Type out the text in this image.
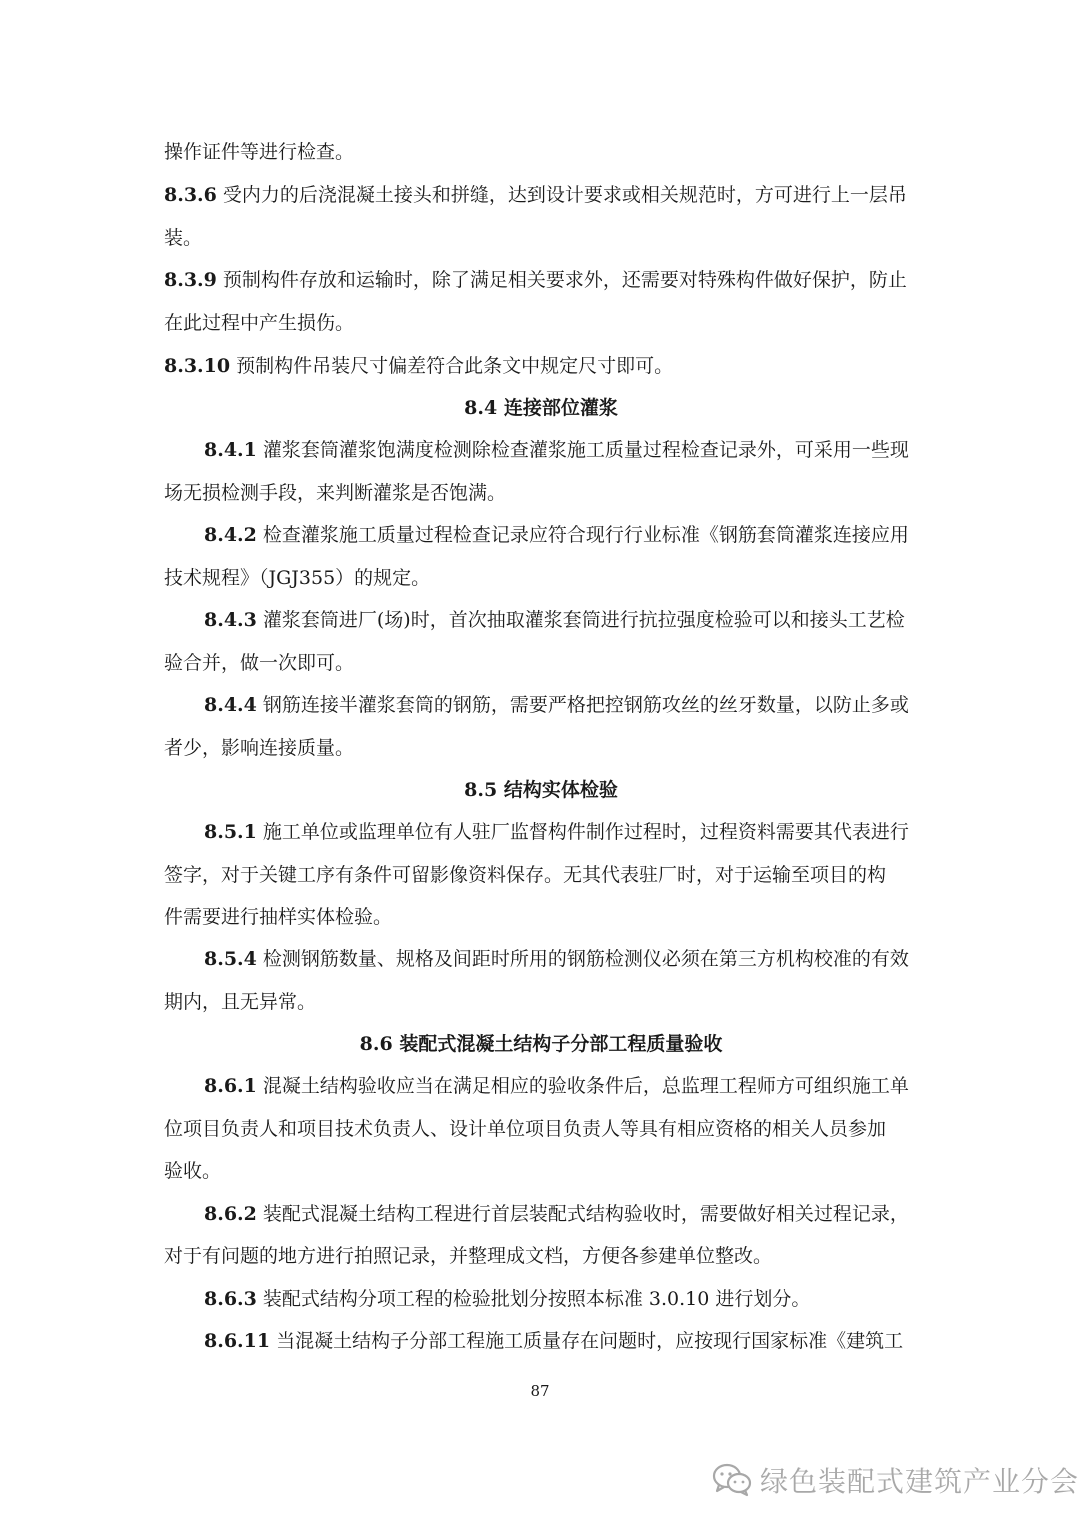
操作证件等进行检查。
8.3.6 受内力的后浇混凝土接头和拼缝，达到设计要求或相关规范时，方可进行上一层吊
装。
8.3.9 预制构件存放和运输时，除了满足相关要求外，还需要对特殊构件做好保护，防止
在此过程中产生损伤。
8.3.10 预制构件吊装尺寸偏差符合此条文中规定尺寸即可。
8.4 连接部位灌浆
8.4.1 灌浆套筒灌浆饱满度检测除检查灌浆施工质量过程检查记录外，可采用一些现
场无损检测手段，来判断灌浆是否饱满。
8.4.2 检查灌浆施工质量过程检查记录应符合现行行业标准《钢筋套筒灌浆连接应用
技术规程》（JGJ355）的规定。
8.4.3 灌浆套筒进厂(场)时，首次抽取灌浆套筒进行抗拉强度检验可以和接头工艺检
验合并，做一次即可。
8.4.4 钢筋连接半灌浆套筒的钢筋，需要严格把控钢筋攻丝的丝牙数量，以防止多或
者少，影响连接质量。
8.5 结构实体检验
8.5.1 施工单位或监理单位有人驻厂监督构件制作过程时，过程资料需要其代表进行
签字，对于关键工序有条件可留影像资料保存。无其代表驻厂时，对于运输至项目的构
件需要进行抽样实体检验。
8.5.4 检测钢筋数量、规格及间距时所用的钢筋检测仪必须在第三方机构校准的有效
期内，且无异常。
8.6 装配式混凝土结构子分部工程质量验收
8.6.1 混凝土结构验收应当在满足相应的验收条件后，总监理工程师方可组织施工单
位项目负责人和项目技术负责人、设计单位项目负责人等具有相应资格的相关人员参加
验收。
8.6.2 装配式混凝土结构工程进行首层装配式结构验收时，需要做好相关过程记录，
对于有问题的地方进行拍照记录，并整理成文档，方便各参建单位整改。
8.6.3 装配式结构分项工程的检验批划分按照本标准 3.0.10 进行划分。
8.6.11 当混凝土结构子分部工程施工质量存在问题时，应按现行国家标准《建筑工
87
绿色装配式建筑产业分会
